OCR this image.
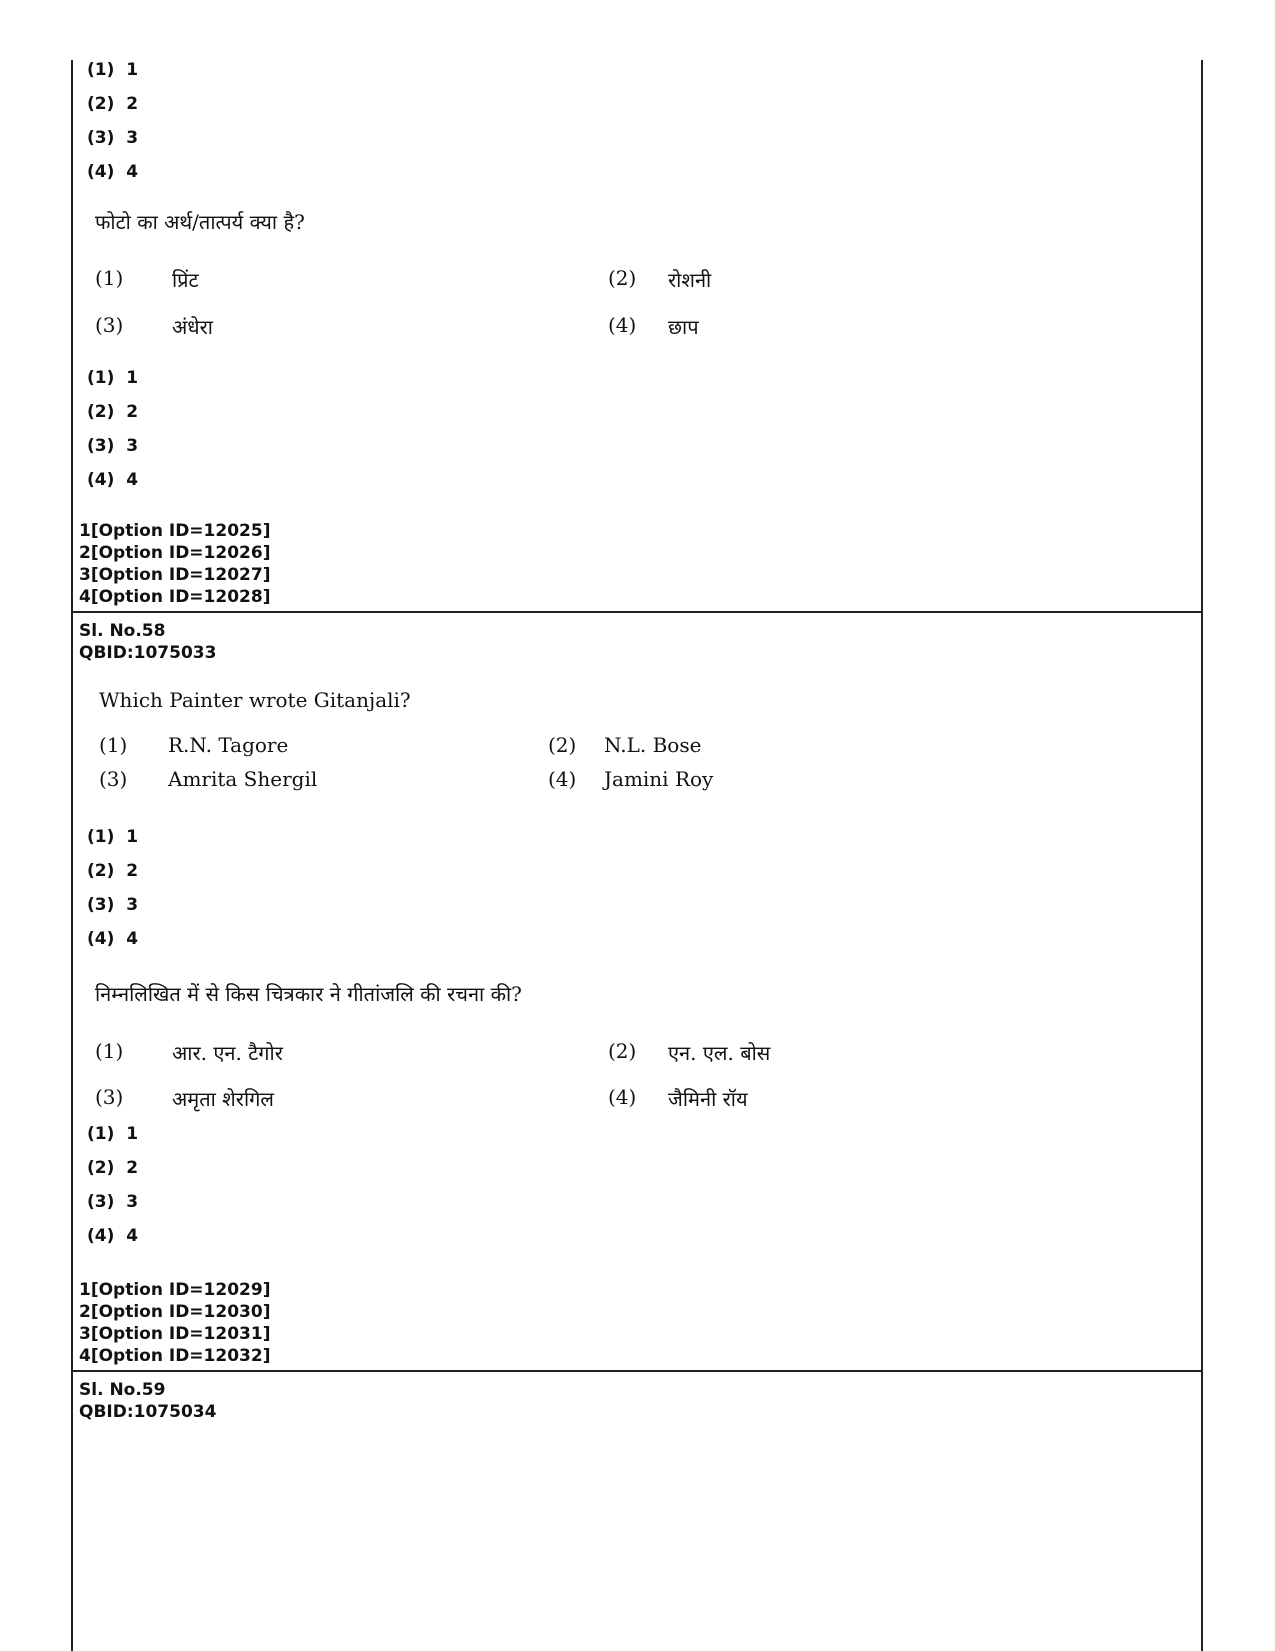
(1)  1
(2)  2
(3)  3
(4)  4
फोटो का अर्थ/तात्पर्य क्या है?
(1) प्रिंट	(2) रोशनी
(3) अंधेरा	(4) छाप
(1)  1
(2)  2
(3)  3
(4)  4
1[Option ID=12025]
2[Option ID=12026]
3[Option ID=12027]
4[Option ID=12028]
Sl. No.58
QBID:1075033
Which Painter wrote Gitanjali?
(1) R.N. Tagore	(2) N.L. Bose
(3) Amrita Shergil	(4) Jamini Roy
(1)  1
(2)  2
(3)  3
(4)  4
निम्नलिखित में से किस चित्रकार ने गीतांजलि की रचना की?
(1) आर. एन. टैगोर	(2) एन. एल. बोस
(3) अमृता शेरगिल	(4) जैमिनी रॉय
(1)  1
(2)  2
(3)  3
(4)  4
1[Option ID=12029]
2[Option ID=12030]
3[Option ID=12031]
4[Option ID=12032]
Sl. No.59
QBID:1075034
